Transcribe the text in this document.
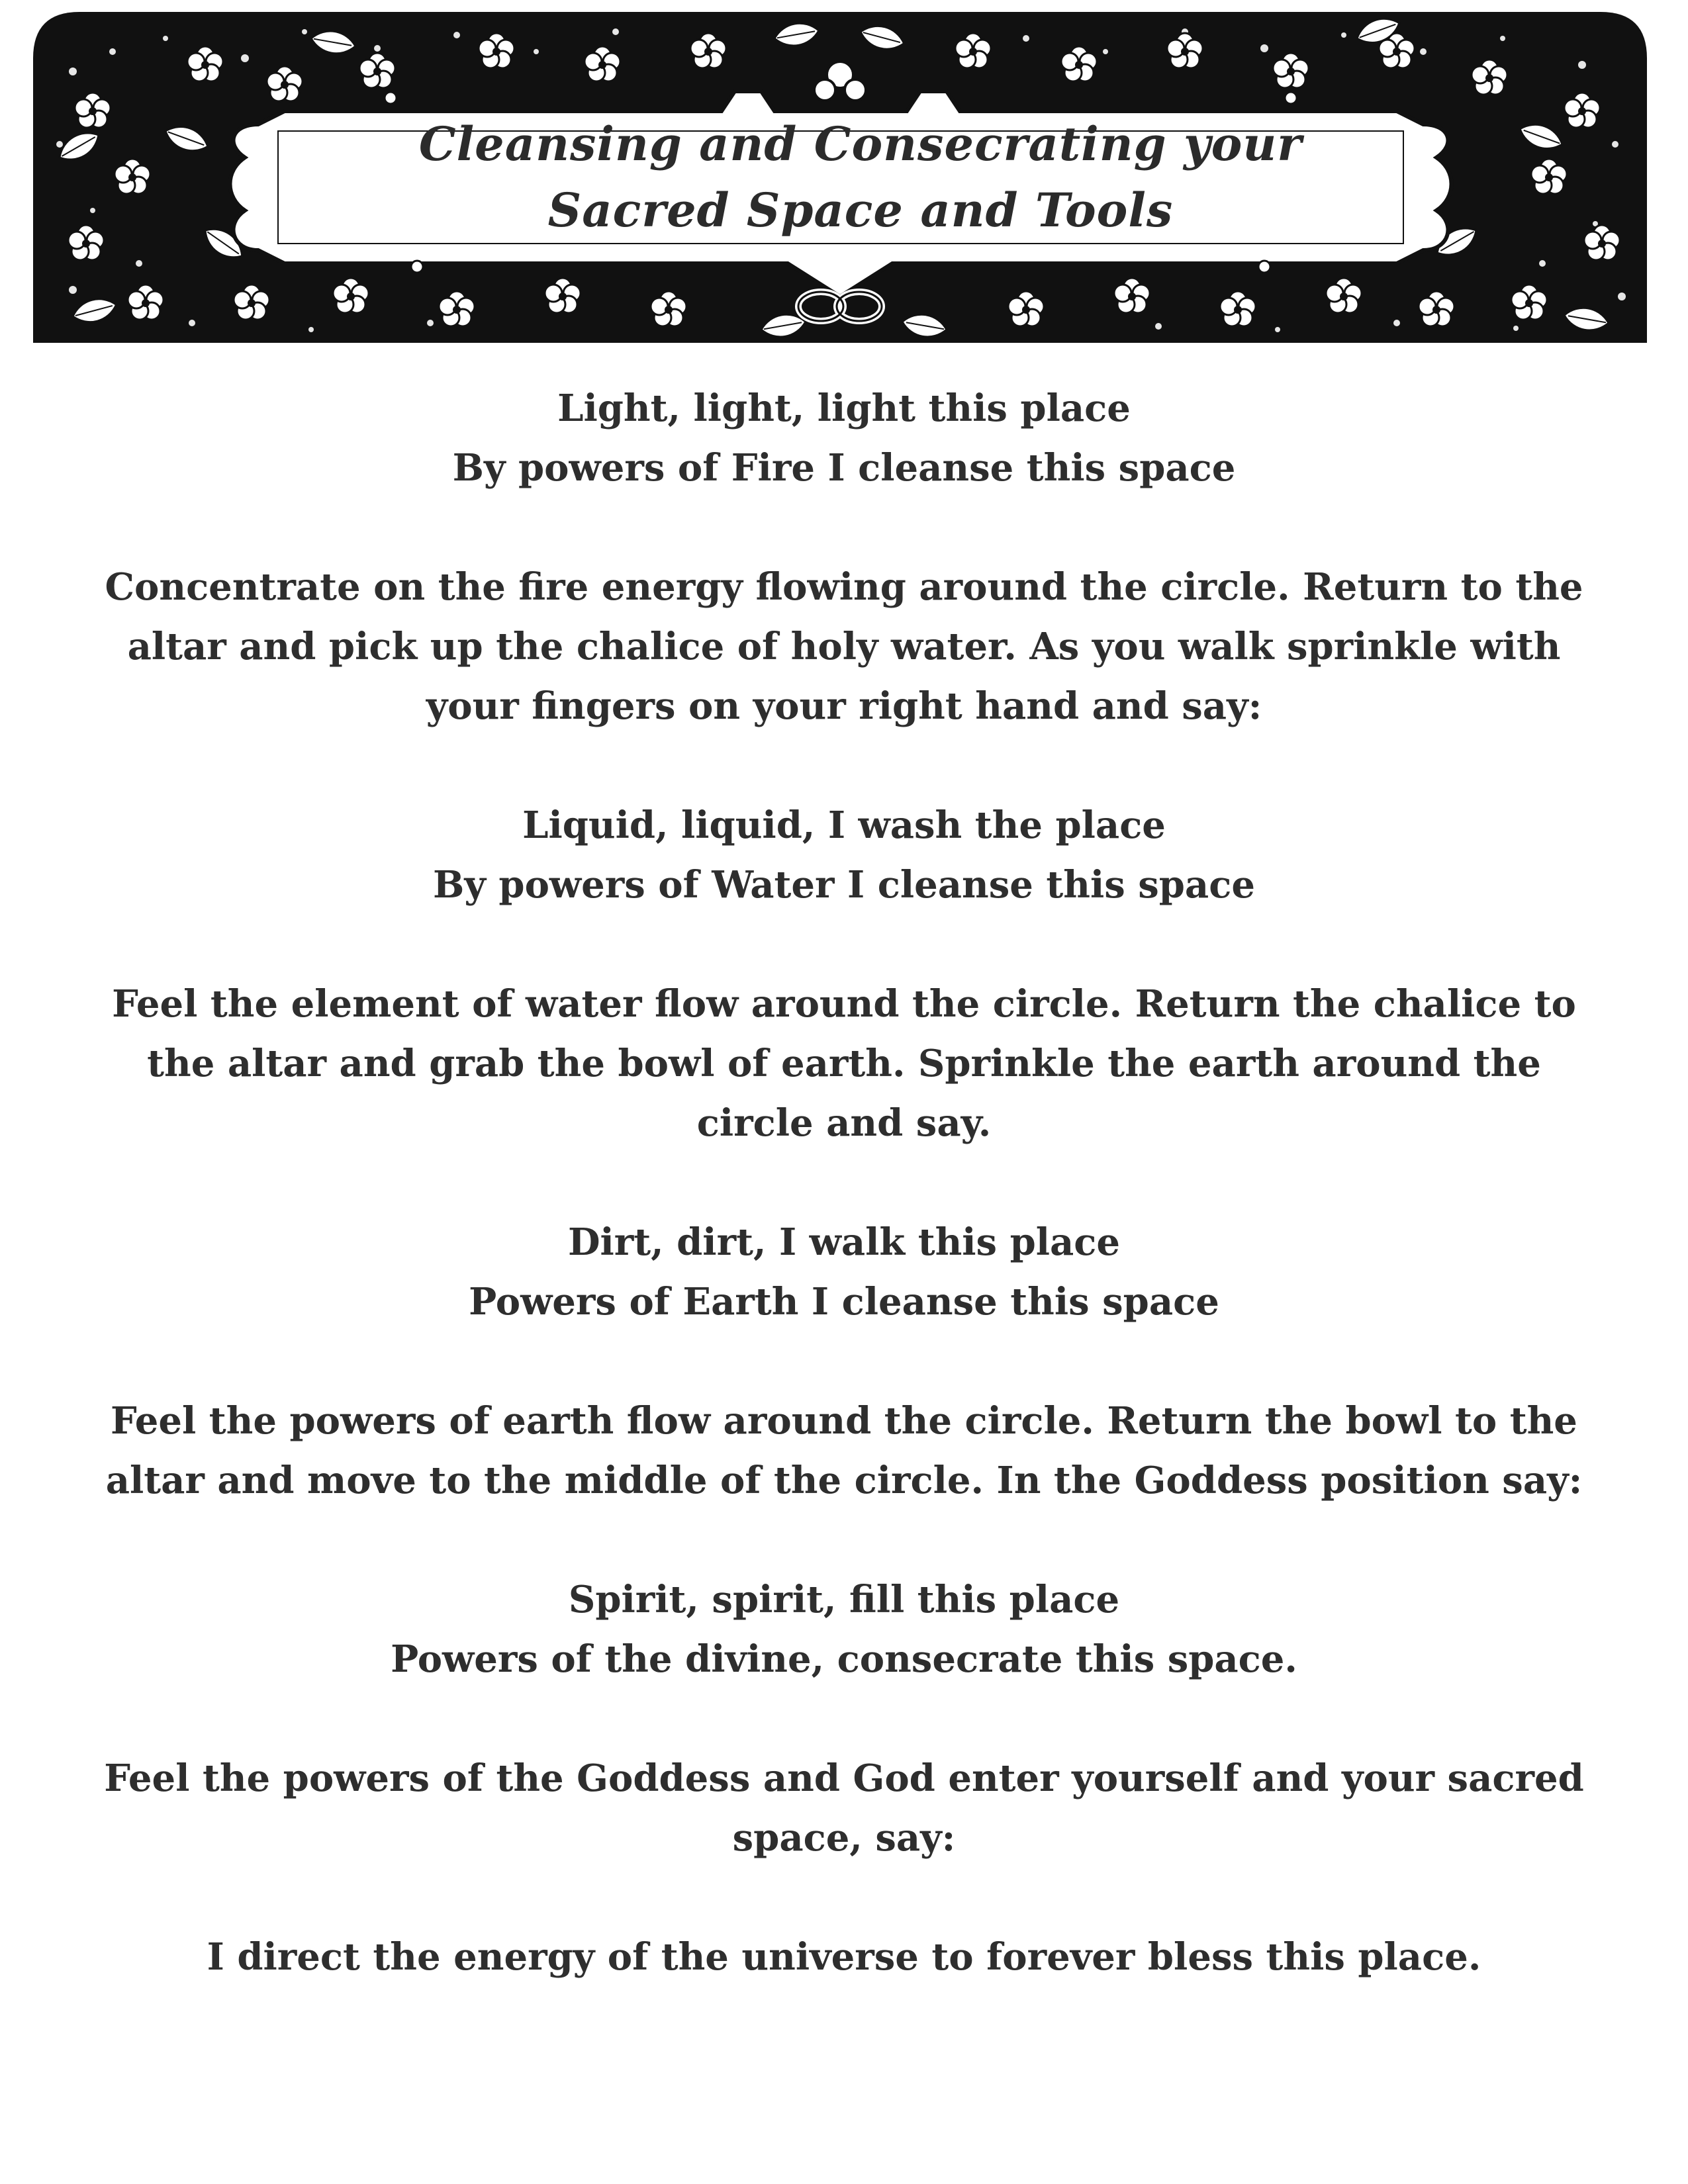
Cleansing and Consecrating your
Sacred Space and Tools
Light, light, light this place
By powers of Fire I cleanse this space
Concentrate on the fire energy flowing around the circle. Return to the
altar and pick up the chalice of holy water. As you walk sprinkle with
your fingers on your right hand and say:
Liquid, liquid, I wash the place
By powers of Water I cleanse this space
Feel the element of water flow around the circle. Return the chalice to
the altar and grab the bowl of earth. Sprinkle the earth around the
circle and say.
Dirt, dirt, I walk this place
Powers of Earth I cleanse this space
Feel the powers of earth flow around the circle. Return the bowl to the
altar and move to the middle of the circle. In the Goddess position say:
Spirit, spirit, fill this place
Powers of the divine, consecrate this space.
Feel the powers of the Goddess and God enter yourself and your sacred
space, say:
I direct the energy of the universe to forever bless this place.
